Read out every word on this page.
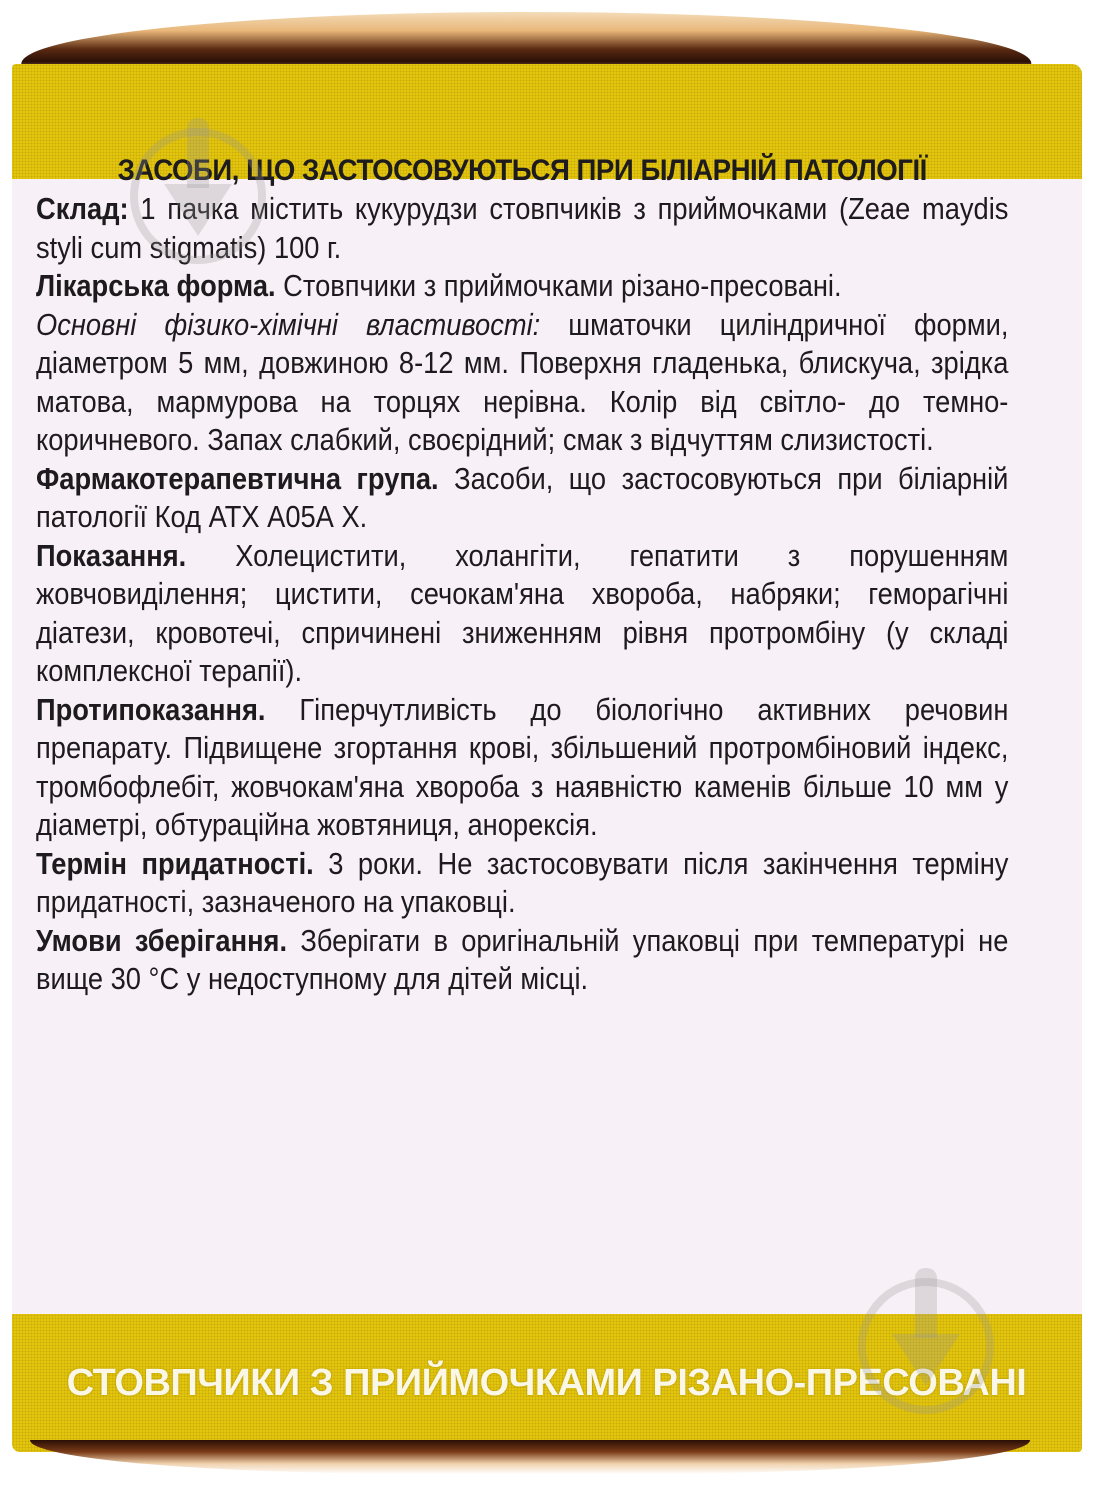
ЗАСОБИ, ЩО ЗАСТОСОВУЮТЬСЯ ПРИ БІЛІАРНІЙ ПАТОЛОГІЇ

Склад: 1 пачка містить кукурудзи стовпчиків з приймочками (Zeae maydis styli cum stigmatis) 100 г.

Лікарська форма. Стовпчики з приймочками різано-пресовані.

Основні фізико-хімічні властивості: шматочки циліндричної форми, діаметром 5 мм, довжиною 8-12 мм. Поверхня гладенька, блискуча, зрідка матова, мармурова на торцях нерівна. Колір від світло- до темно-коричневого. Запах слабкий, своєрідний; смак з відчуттям слизистості.

Фармакотерапевтична група. Засоби, що застосовуються при біліарній патології Код АТХ А05А Х.

Показання. Холецистити, холангіти, гепатити з порушенням жовчовиділення; цистити, сечокам'яна хвороба, набряки; геморагічні діатези, кровотечі, спричинені зниженням рівня протромбіну (у складі комплексної терапії).

Протипоказання. Гіперчутливість до біологічно активних речовин препарату. Підвищене згортання крові, збільшений протромбіновий індекс, тромбофлебіт, жовчокам'яна хвороба з наявністю каменів більше 10 мм у діаметрі, обтураційна жовтяниця, анорексія.

Термін придатності. 3 роки. Не застосовувати після закінчення терміну придатності, зазначеного на упаковці.

Умови зберігання. Зберігати в оригінальній упаковці при температурі не вище 30 °C у недоступному для дітей місці.

СТОВПЧИКИ З ПРИЙМОЧКАМИ РІЗАНО-ПРЕСОВАНІ
